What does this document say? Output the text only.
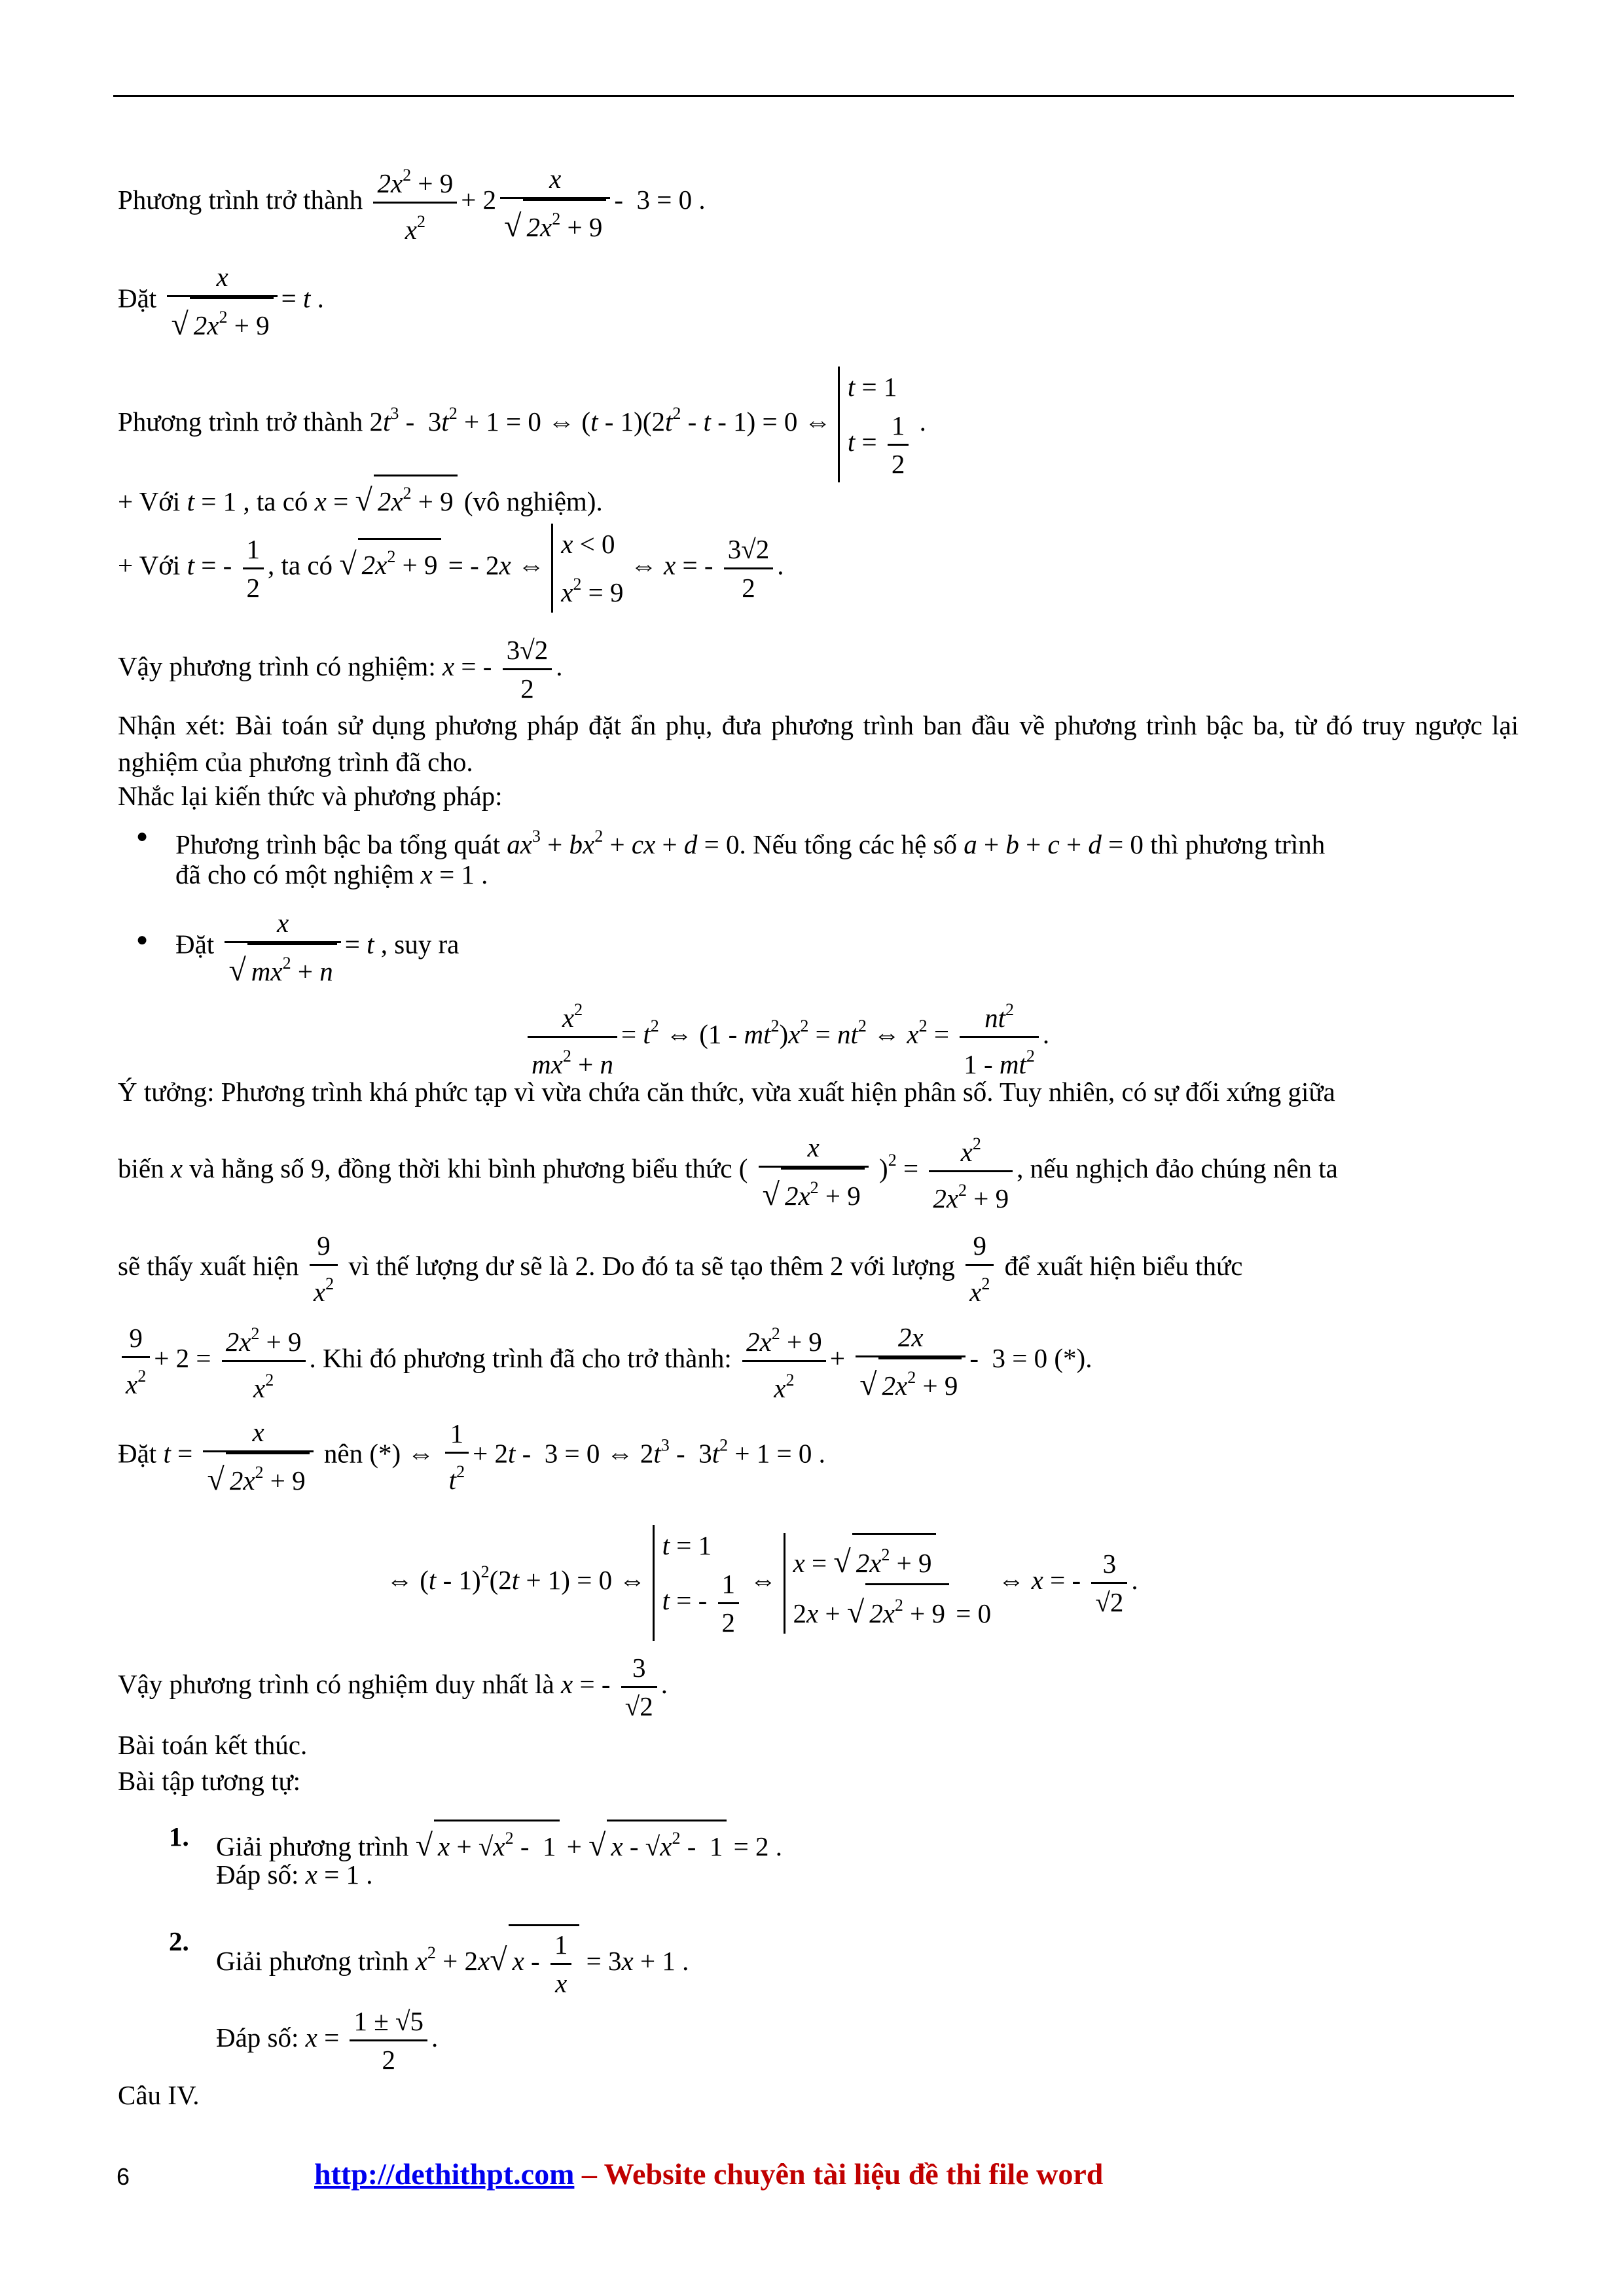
Phương trình trở thành $\frac{2x^2 + 9}{x^2} + 2 \frac{x}{√ 2x^2 + 9} - 3 = 0$ .
Đặt $\frac{x}{√ 2x^2 + 9} = t$ .
Phương trình trở thành $2t^3 - 3t^2 + 1 = 0$ ⇔ $(t - 1)(2t^2 - t - 1) = 0$ ⇔ t = 1
$t = \frac{1}{2}$ .
+ Với t = 1 , ta có x = √ $2x^2 + 9$ (vô nghiệm).
+ Với t = - $\frac{1}{2}$ , ta có √ $2x^2 + 9$ = - 2x ⇔ x < 0
$x^2 = 9$ ⇔ x = - $\frac{3√2}{2}$ .
Vậy phương trình có nghiệm: x = - $\frac{3√2}{2}$ .
Nhận xét: Bài toán sử dụng phương pháp đặt ẩn phụ, đưa phương trình ban đầu về phương trình bậc ba, từ đó truy ngược lại nghiệm của phương trình đã cho.
Nhắc lại kiến thức và phương pháp:
● Phương trình bậc ba tổng quát $ax^3 + bx^2$ + cx + d = 0. Nếu tổng các hệ số a + b + c + d = 0 thì phương trình
đã cho có một nghiệm x = 1 .
● Đặt $\frac{x}{√ mx^2 + n} = t$ , suy ra
$\frac{x^2}{mx^2 + n} = t^2$ ⇔ $(1 - mt^2)x^2 = nt^2$ ⇔ $x^2 = \frac{nt^2}{1 - mt^2}$ .
Ý tưởng: Phương trình khá phức tạp vì vừa chứa căn thức, vừa xuất hiện phân số. Tuy nhiên, có sự đối xứng giữa
biến x và hằng số 9, đồng thời khi bình phương biểu thức ( $\frac{x}{√ 2x^2 + 9} )^2 = \frac{x^2}{2x^2 + 9}$ , nếu nghịch đảo chúng nên ta
sẽ thấy xuất hiện $\frac{9}{x^2}$ vì thế lượng dư sẽ là 2. Do đó ta sẽ tạo thêm 2 với lượng $\frac{9}{x^2}$ để xuất hiện biểu thức
$\frac{9}{x^2} + 2 = \frac{2x^2 + 9}{x^2}$ . Khi đó phương trình đã cho trở thành: $\frac{2x^2 + 9}{x^2} + \frac{2x}{√ 2x^2 + 9} - 3 = 0$ (*).
Đặt $t = \frac{x}{√ 2x^2 + 9}$ nên (*) ⇔ $\frac{1}{t^2} + 2t - 3 = 0$ ⇔ $2t^3 - 3t^2 + 1 = 0$ .
⇔ (t - 1)$^2$(2t + 1) = 0 ⇔ t = 1
t = - $\frac{1}{2}$ ⇔ x = √ $2x^2 + 9$
2x + √ $2x^2 + 9 = 0$ ⇔ x = - $\frac{3}{√2}$ .
Vậy phương trình có nghiệm duy nhất là x = - $\frac{3}{√2}$ .
Bài toán kết thúc.
Bài tập tương tự:
1. Giải phương trình √ $x + √x^2 - 1$ + √ $x - √x^2 - 1 = 2$ .
Đáp số: x = 1 .
2.
Giải phương trình $x^2 + 2x√$ $x - \frac{1}{x} = 3x + 1$ .
Đáp số: $x = \frac{1 \pm √5}{2}$ .
Câu IV.
6	http://dethithpt.com – Website chuyên tài liệu đề thi file word
